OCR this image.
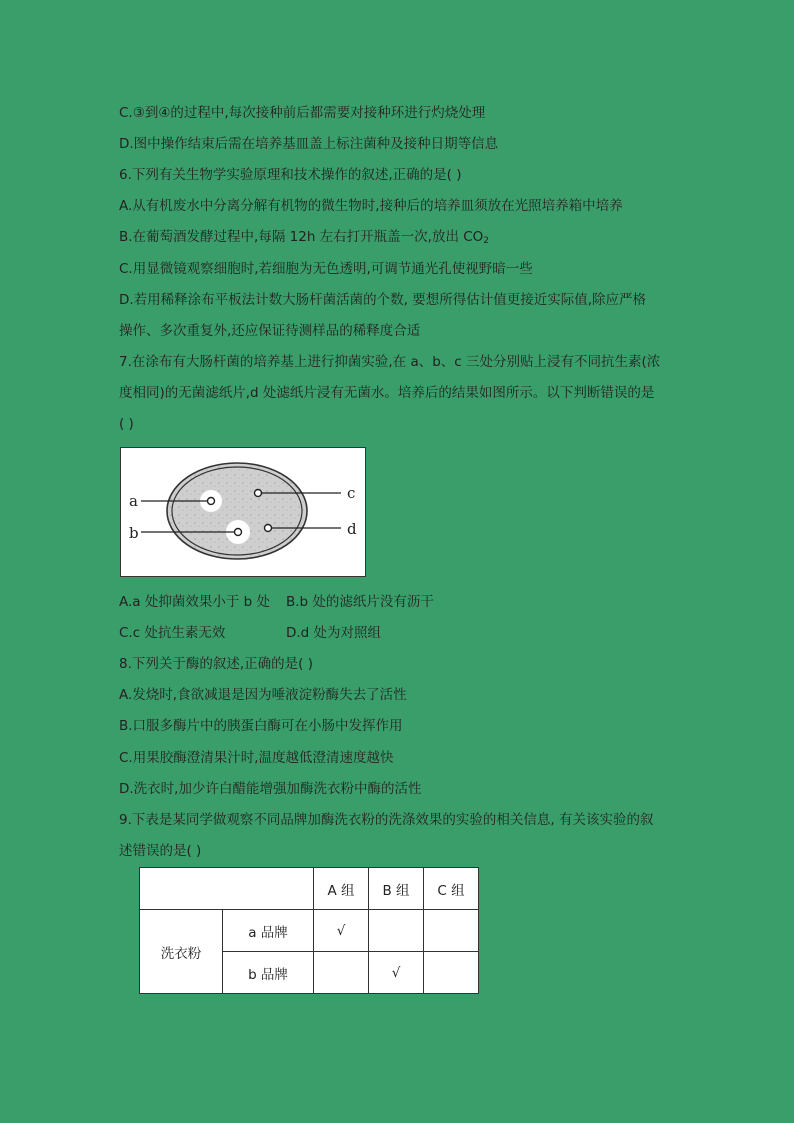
C.③到④的过程中,每次接种前后都需要对接种环进行灼烧处理
D.图中操作结束后需在培养基皿盖上标注菌种及接种日期等信息
6.下列有关生物学实验原理和技术操作的叙述,正确的是( )
A.从有机废水中分离分解有机物的微生物时,接种后的培养皿须放在光照培养箱中培养
B.在葡萄酒发酵过程中,每隔 12h 左右打开瓶盖一次,放出 $CO_2$
C.用显微镜观察细胞时,若细胞为无色透明,可调节通光孔使视野暗一些
D.若用稀释涂布平板法计数大肠杆菌活菌的个数, 要想所得估计值更接近实际值,除应严格
操作、多次重复外,还应保证待测样品的稀释度合适
7.在涂布有大肠杆菌的培养基上进行抑菌实验,在 a、b、c 三处分别贴上浸有不同抗生素(浓
度相同)的无菌滤纸片,d 处滤纸片浸有无菌水。培养后的结果如图所示。以下判断错误的是
( )
a
b
c
d
A.a 处抑菌效果小于 b 处 B.b 处的滤纸片没有沥干
C.c 处抗生素无效	D.d 处为对照组
8.下列关于酶的叙述,正确的是( )
A.发烧时,食欲减退是因为唾液淀粉酶失去了活性
B.口服多酶片中的胰蛋白酶可在小肠中发挥作用
C.用果胶酶澄清果汁时,温度越低澄清速度越快
D.洗衣时,加少许白醋能增强加酶洗衣粉中酶的活性
9.下表是某同学做观察不同品牌加酶洗衣粉的洗涤效果的实验的相关信息, 有关该实验的叙
述错误的是( )
		A 组	B 组	C 组
洗衣粉	a 品牌	√		
	b 品牌		√	
